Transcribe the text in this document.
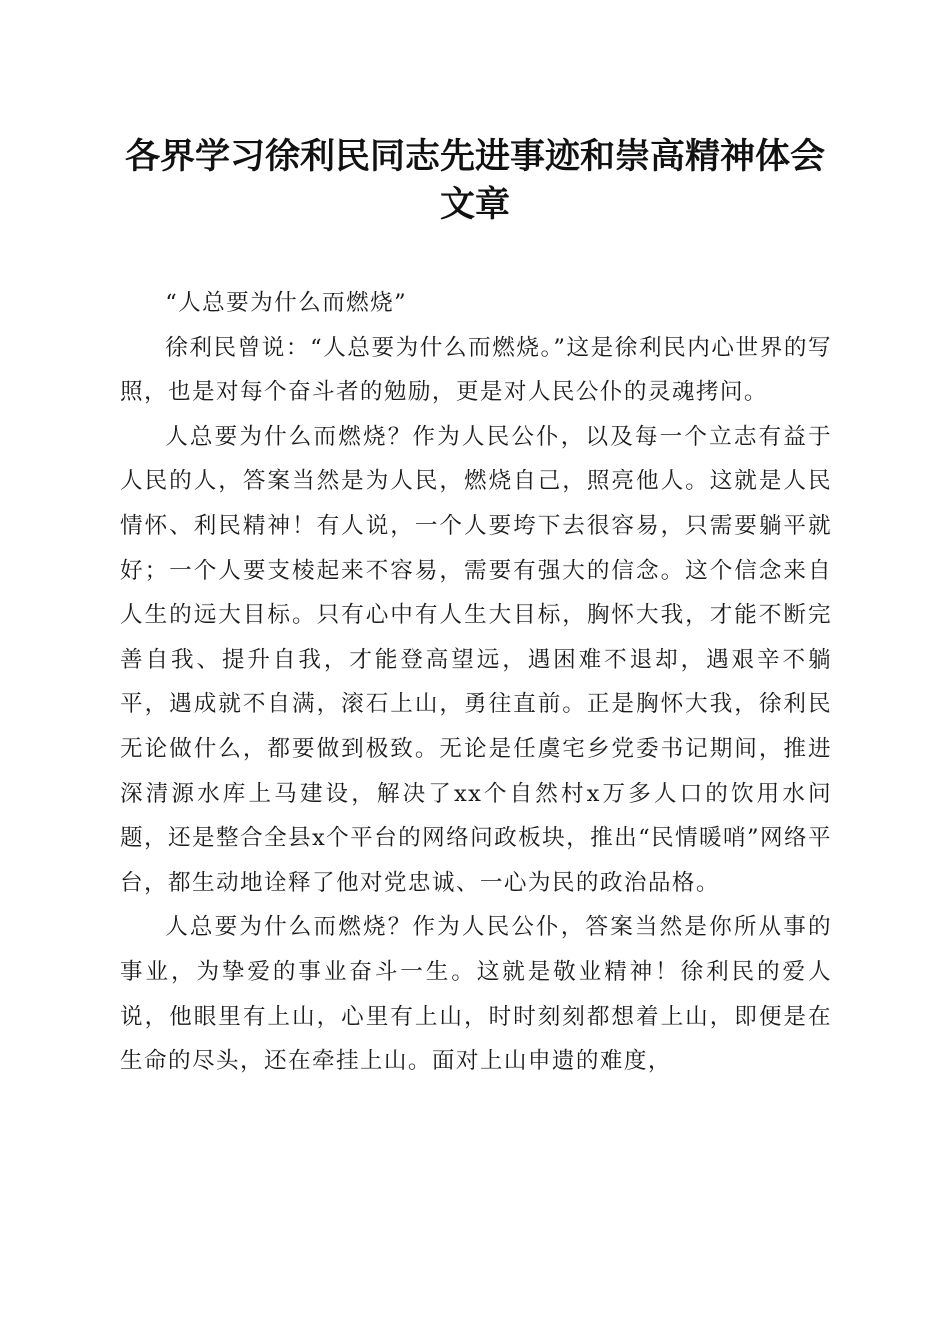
各界学习徐利民同志先进事迹和崇高精神体会
文章

“人总要为什么而燃烧”

徐利民曾说：“人总要为什么而燃烧。”这是徐利民内心世界的写照，也是对每个奋斗者的勉励，更是对人民公仆的灵魂拷问。

人总要为什么而燃烧？作为人民公仆，以及每一个立志有益于人民的人，答案当然是为人民，燃烧自己，照亮他人。这就是人民情怀、利民精神！有人说，一个人要垮下去很容易，只需要躺平就好；一个人要支棱起来不容易，需要有强大的信念。这个信念来自人生的远大目标。只有心中有人生大目标，胸怀大我，才能不断完善自我、提升自我，才能登高望远，遇困难不退却，遇艰辛不躺平，遇成就不自满，滚石上山，勇往直前。正是胸怀大我，徐利民无论做什么，都要做到极致。无论是任虞宅乡党委书记期间，推进深清源水库上马建设，解决了xx个自然村x万多人口的饮用水问题，还是整合全县x个平台的网络问政板块，推出“民情暖哨”网络平台，都生动地诠释了他对党忠诚、一心为民的政治品格。

人总要为什么而燃烧？作为人民公仆，答案当然是你所从事的事业，为挚爱的事业奋斗一生。这就是敬业精神！徐利民的爱人说，他眼里有上山，心里有上山，时时刻刻都想着上山，即便是在生命的尽头，还在牵挂上山。面对上山申遗的难度，
